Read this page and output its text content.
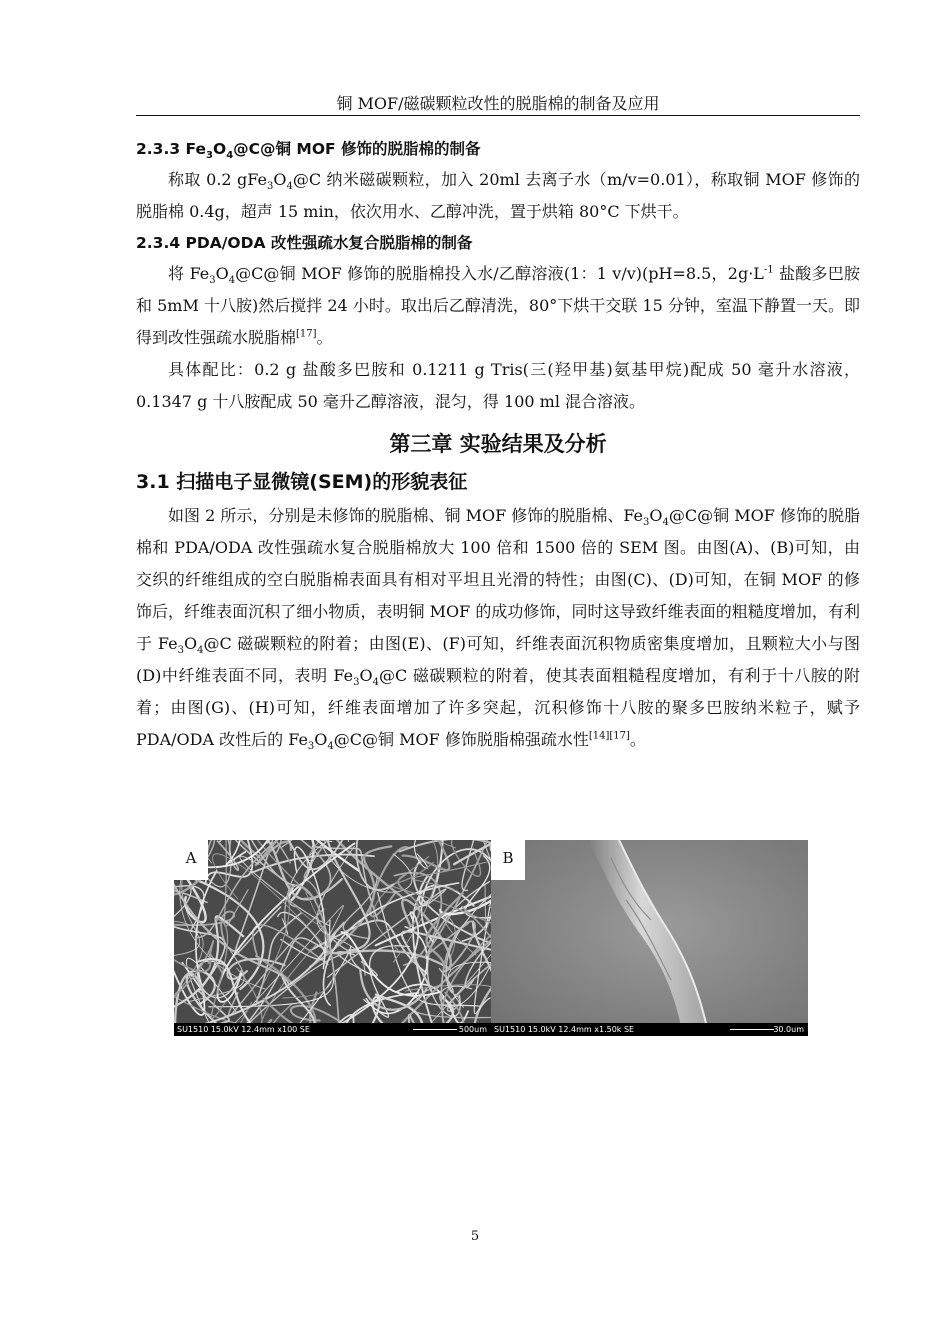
铜 MOF/磁碳颗粒改性的脱脂棉的制备及应用
2.3.3 $Fe_3O_4@C@$铜 MOF 修饰的脱脂棉的制备

称取 0.2 $gFe_3O_4@C$ 纳米磁碳颗粒，加入 20ml 去离子水（m/v=0.01），称取铜 MOF 修饰的脱脂棉 0.4g，超声 15 min，依次用水、乙醇冲洗，置于烘箱 80°C 下烘干。

2.3.4 PDA/ODA 改性强疏水复合脱脂棉的制备

将 $Fe_3O_4@C@$铜 MOF 修饰的脱脂棉投入水/乙醇溶液(1：1 v/v)(pH=8.5，$2g\cdot L^{-1}$ 盐酸多巴胺和 5mM 十八胺)然后搅拌 24 小时。取出后乙醇清洗，80°下烘干交联 15 分钟，室温下静置一天。即得到改性强疏水脱脂棉[17]。

具体配比：0.2 g 盐酸多巴胺和 0.1211 g Tris(三(羟甲基)氨基甲烷)配成 50 毫升水溶液，0.1347 g 十八胺配成 50 毫升乙醇溶液，混匀，得 100 ml 混合溶液。

第三章 实验结果及分析
3.1 扫描电子显微镜(SEM)的形貌表征

如图 2 所示，分别是未修饰的脱脂棉、铜 MOF 修饰的脱脂棉、$Fe_3O_4@C@$铜 MOF 修饰的脱脂棉和 PDA/ODA 改性强疏水复合脱脂棉放大 100 倍和 1500 倍的 SEM 图。由图(A)、(B)可知，由交织的纤维组成的空白脱脂棉表面具有相对平坦且光滑的特性；由图(C)、(D)可知，在铜 MOF 的修饰后，纤维表面沉积了细小物质，表明铜 MOF 的成功修饰，同时这导致纤维表面的粗糙度增加，有利于 $Fe_3O_4@C$ 磁碳颗粒的附着；由图(E)、(F)可知，纤维表面沉积物质密集度增加，且颗粒大小与图(D)中纤维表面不同，表明 $Fe_3O_4@C$ 磁碳颗粒的附着，使其表面粗糙程度增加，有利于十八胺的附着；由图(G)、(H)可知，纤维表面增加了许多突起，沉积修饰十八胺的聚多巴胺纳米粒子，赋予 PDA/ODA 改性后的 $Fe_3O_4@C@$铜 MOF 修饰脱脂棉强疏水性[14][17]。

A
SU1510 15.0kV 12.4mm x100 SE	500um
B
SU1510 15.0kV 12.4mm x1.50k SE	30.0um
5
